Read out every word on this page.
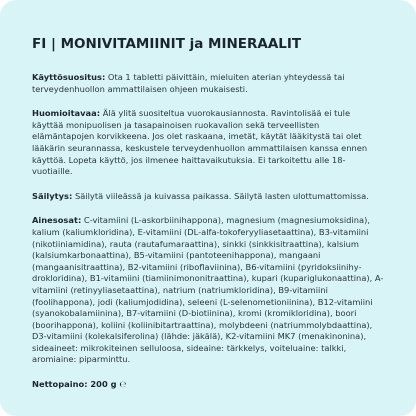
FI | MONIVITAMIINIT ja MINERAALIT

Käyttösuositus: Ota 1 tabletti päivittäin, mieluiten aterian yhteydessä tai terveydenhuollon ammattilaisen ohjeen mukaisesti.

Huomioitavaa: Älä ylitä suositeltua vuorokausiannosta. Ravintolisää ei tule käyttää monipuolisen ja tasapainoisen ruokavalion sekä terveellisten elämäntapojen korvikkeena. Jos olet raskaana, imetät, käytät lääkitystä tai olet lääkärin seurannassa, keskustele terveydenhuollon ammattilaisen kanssa ennen käyttöä. Lopeta käyttö, jos ilmenee haittavaikutuksia. Ei tarkoitettu alle 18-vuotiaille.

Säilytys: Säilytä viileässä ja kuivassa paikassa. Säilytä lasten ulottumattomissa.

Ainesosat: C-vitamiini (L-askorbiinihappona), magnesium (magnesiumoksidina), kalium (kaliumkloridina), E-vitamiini (DL-alfa-tokoferyyliasetaattina), B3-vitamiini (nikotiiniamidina), rauta (rautafumaraattina), sinkki (sinkkisitraattina), kalsium (kalsiumkarbonaattina), B5-vitamiini (pantoteenihappona), mangaani (mangaanisitraattina), B2-vitamiini (riboflaviinina), B6-vitamiini (pyridoksiinihydrokloridina), B1-vitamiini (tiamiinimononitraattina), kupari (kupariglukonaattina), A-vitamiini (retinyyliasetaattina), natrium (natriumkloridina), B9-vitamiini (foolihappona), jodi (kaliumjodidina), seleeni (L-selenometioniinina), B12-vitamiini (syanokobalamiinina), B7-vitamiini (D-biotiinina), kromi (kromikloridina), boori (boorihappona), koliini (koliinibitartraattina), molybdeeni (natriummolybdaattina), D3-vitamiini (kolekalsiferolina) (lähde: jäkälä), K2-vitamiini MK7 (menakinonina), sideaineet: mikrokiteinen selluloosa, sideaine: tärkkelys, voiteluaine: talkki, aromiaine: piparminttu.

Nettopaino: 200 g ℮
